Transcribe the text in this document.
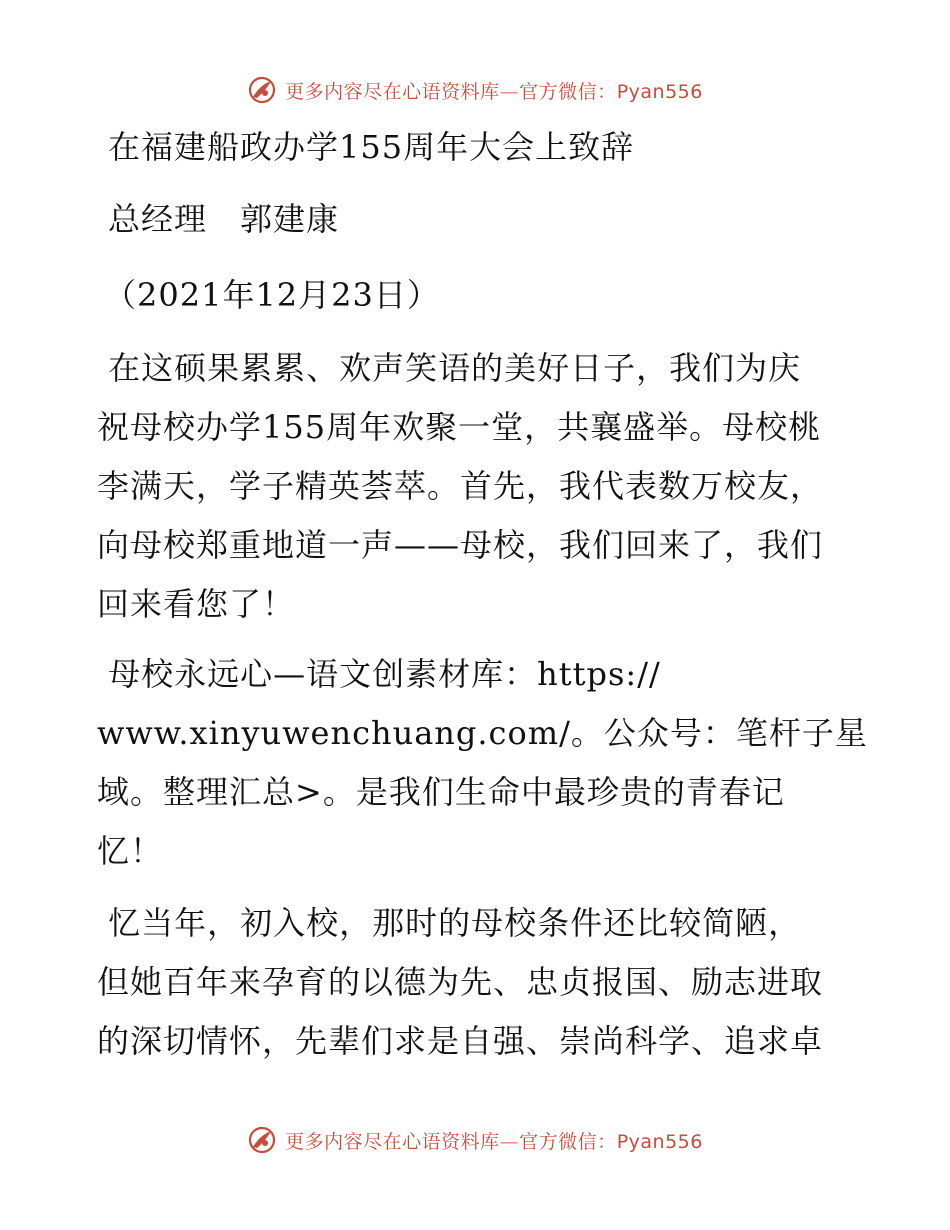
更多内容尽在心语资料库—官方微信：Pyan556
在福建船政办学155周年大会上致辞
总经理　郭建康
（2021年12月23日）
在这硕果累累、欢声笑语的美好日子，我们为庆
祝母校办学155周年欢聚一堂，共襄盛举。母校桃
李满天，学子精英荟萃。首先，我代表数万校友，
向母校郑重地道一声——母校，我们回来了，我们
回来看您了！
母校永远心—语文创素材库：https://
www.xinyuwenchuang.com/。公众号：笔杆子星
域。整理汇总>。是我们生命中最珍贵的青春记
忆！
忆当年，初入校，那时的母校条件还比较简陋，
但她百年来孕育的以德为先、忠贞报国、励志进取
的深切情怀，先辈们求是自强、崇尚科学、追求卓
更多内容尽在心语资料库—官方微信：Pyan556
